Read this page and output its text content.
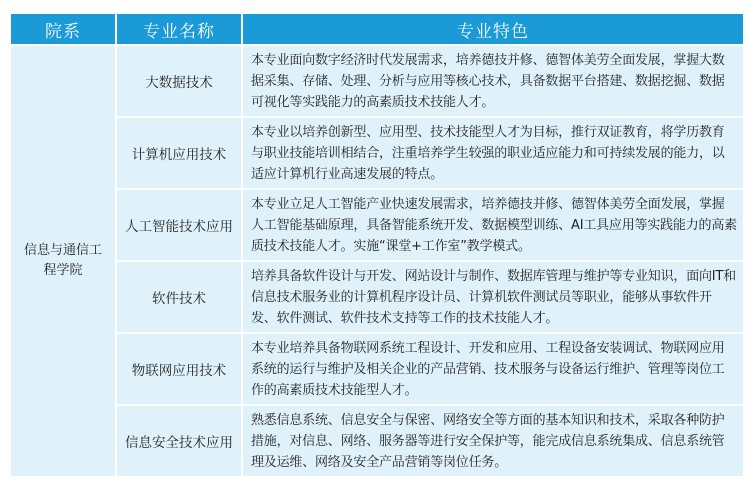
院系	专业名称	专业特色
信息与通信工程学院	大数据技术	本专业面向数字经济时代发展需求，培养德技并修、德智体美劳全面发展，掌握大数据采集、存储、处理、分析与应用等核心技术，具备数据平台搭建、数据挖掘、数据可视化等实践能力的高素质技术技能人才。
	计算机应用技术	本专业以培养创新型、应用型、技术技能型人才为目标，推行双证教育，将学历教育与职业技能培训相结合，注重培养学生较强的职业适应能力和可持续发展的能力，以适应计算机行业高速发展的特点。
	人工智能技术应用	本专业立足人工智能产业快速发展需求，培养德技并修、德智体美劳全面发展，掌握人工智能基础原理，具备智能系统开发、数据模型训练、AI工具应用等实践能力的高素质技术技能人才。实施“课堂+工作室”教学模式。
	软件技术	培养具备软件设计与开发、网站设计与制作、数据库管理与维护等专业知识，面向IT和信息技术服务业的计算机程序设计员、计算机软件测试员等职业，能够从事软件开发、软件测试、软件技术支持等工作的技术技能人才。
	物联网应用技术	本专业培养具备物联网系统工程设计、开发和应用、工程设备安装调试、物联网应用系统的运行与维护及相关企业的产品营销、技术服务与设备运行维护、管理等岗位工作的高素质技术技能型人才。
	信息安全技术应用	熟悉信息系统、信息安全与保密、网络安全等方面的基本知识和技术，采取各种防护措施，对信息、网络、服务器等进行安全保护等，能完成信息系统集成、信息系统管理及运维、网络及安全产品营销等岗位任务。
